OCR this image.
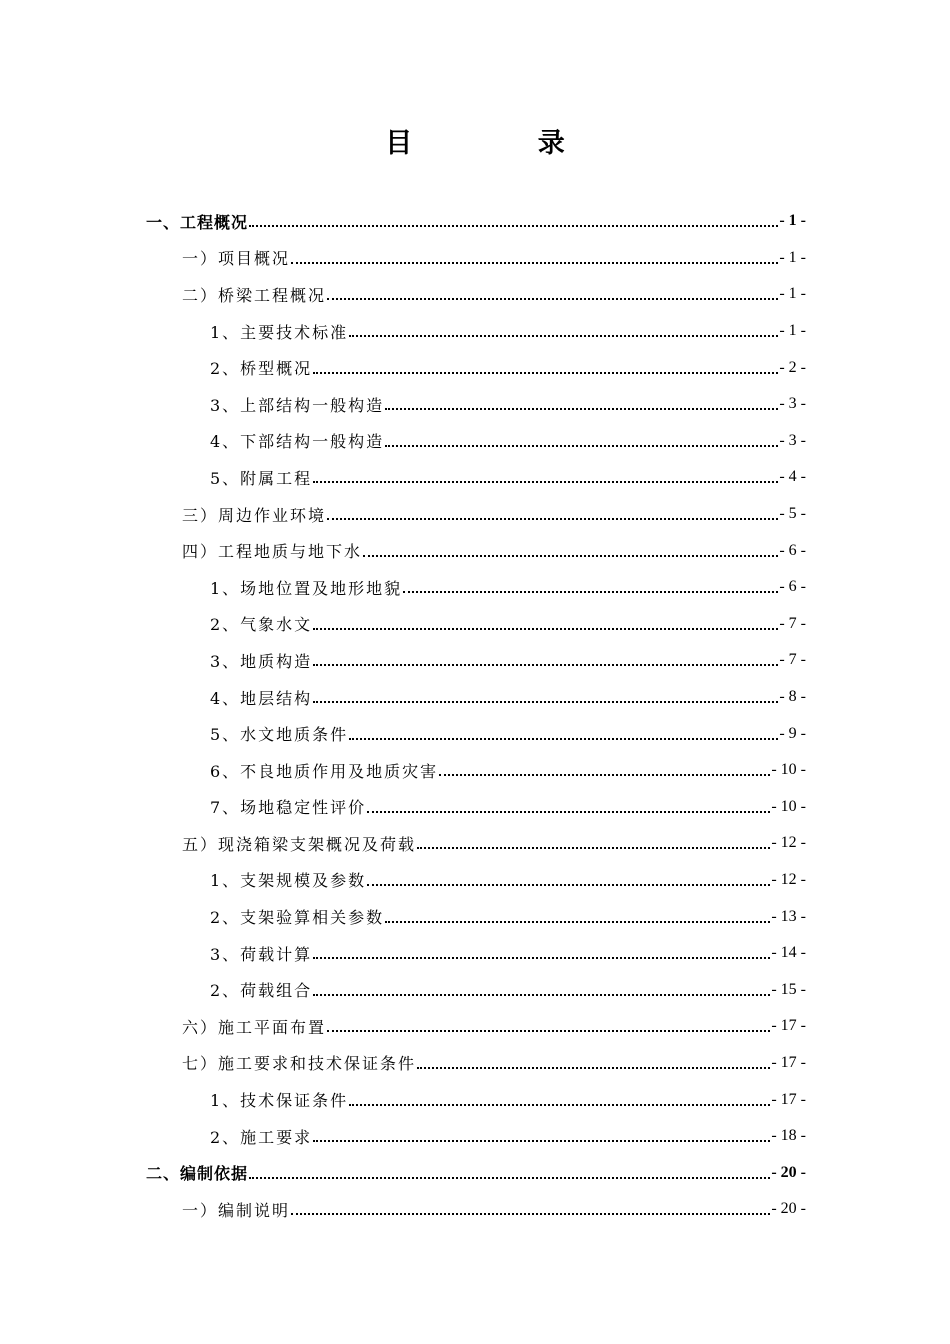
目 录
一、工程概况	- 1 -
一）项目概况	- 1 -
二）桥梁工程概况	- 1 -
1、主要技术标准	- 1 -
2、桥型概况	- 2 -
3、上部结构一般构造	- 3 -
4、下部结构一般构造	- 3 -
5、附属工程	- 4 -
三）周边作业环境	- 5 -
四）工程地质与地下水	- 6 -
1、场地位置及地形地貌	- 6 -
2、气象水文	- 7 -
3、地质构造	- 7 -
4、地层结构	- 8 -
5、水文地质条件	- 9 -
6、不良地质作用及地质灾害	- 10 -
7、场地稳定性评价	- 10 -
五）现浇箱梁支架概况及荷载	- 12 -
1、支架规模及参数	- 12 -
2、支架验算相关参数	- 13 -
3、荷载计算	- 14 -
2、荷载组合	- 15 -
六）施工平面布置	- 17 -
七）施工要求和技术保证条件	- 17 -
1、技术保证条件	- 17 -
2、施工要求	- 18 -
二、编制依据	- 20 -
一）编制说明	- 20 -
